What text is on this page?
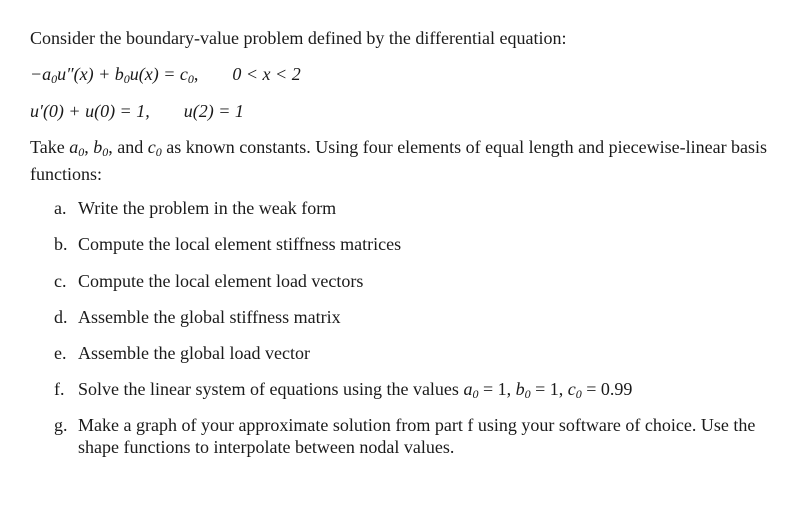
Consider the boundary-value problem defined by the differential equation:
$-a_0u''(x) + b_0u(x) = c_0$, 0 < x < 2
u′(0) + u(0) = 1, u(2) = 1
Take $a_0$, $b_0$, and $c_0$ as known constants. Using four elements of equal length and piecewise-linear basis functions:
a. Write the problem in the weak form
b. Compute the local element stiffness matrices
c. Compute the local element load vectors
d. Assemble the global stiffness matrix
e. Assemble the global load vector
f. Solve the linear system of equations using the values $a_0 = 1$, $b_0 = 1$, $c_0 = 0.99$
g. Make a graph of your approximate solution from part f using your software of choice. Use the shape functions to interpolate between nodal values.
